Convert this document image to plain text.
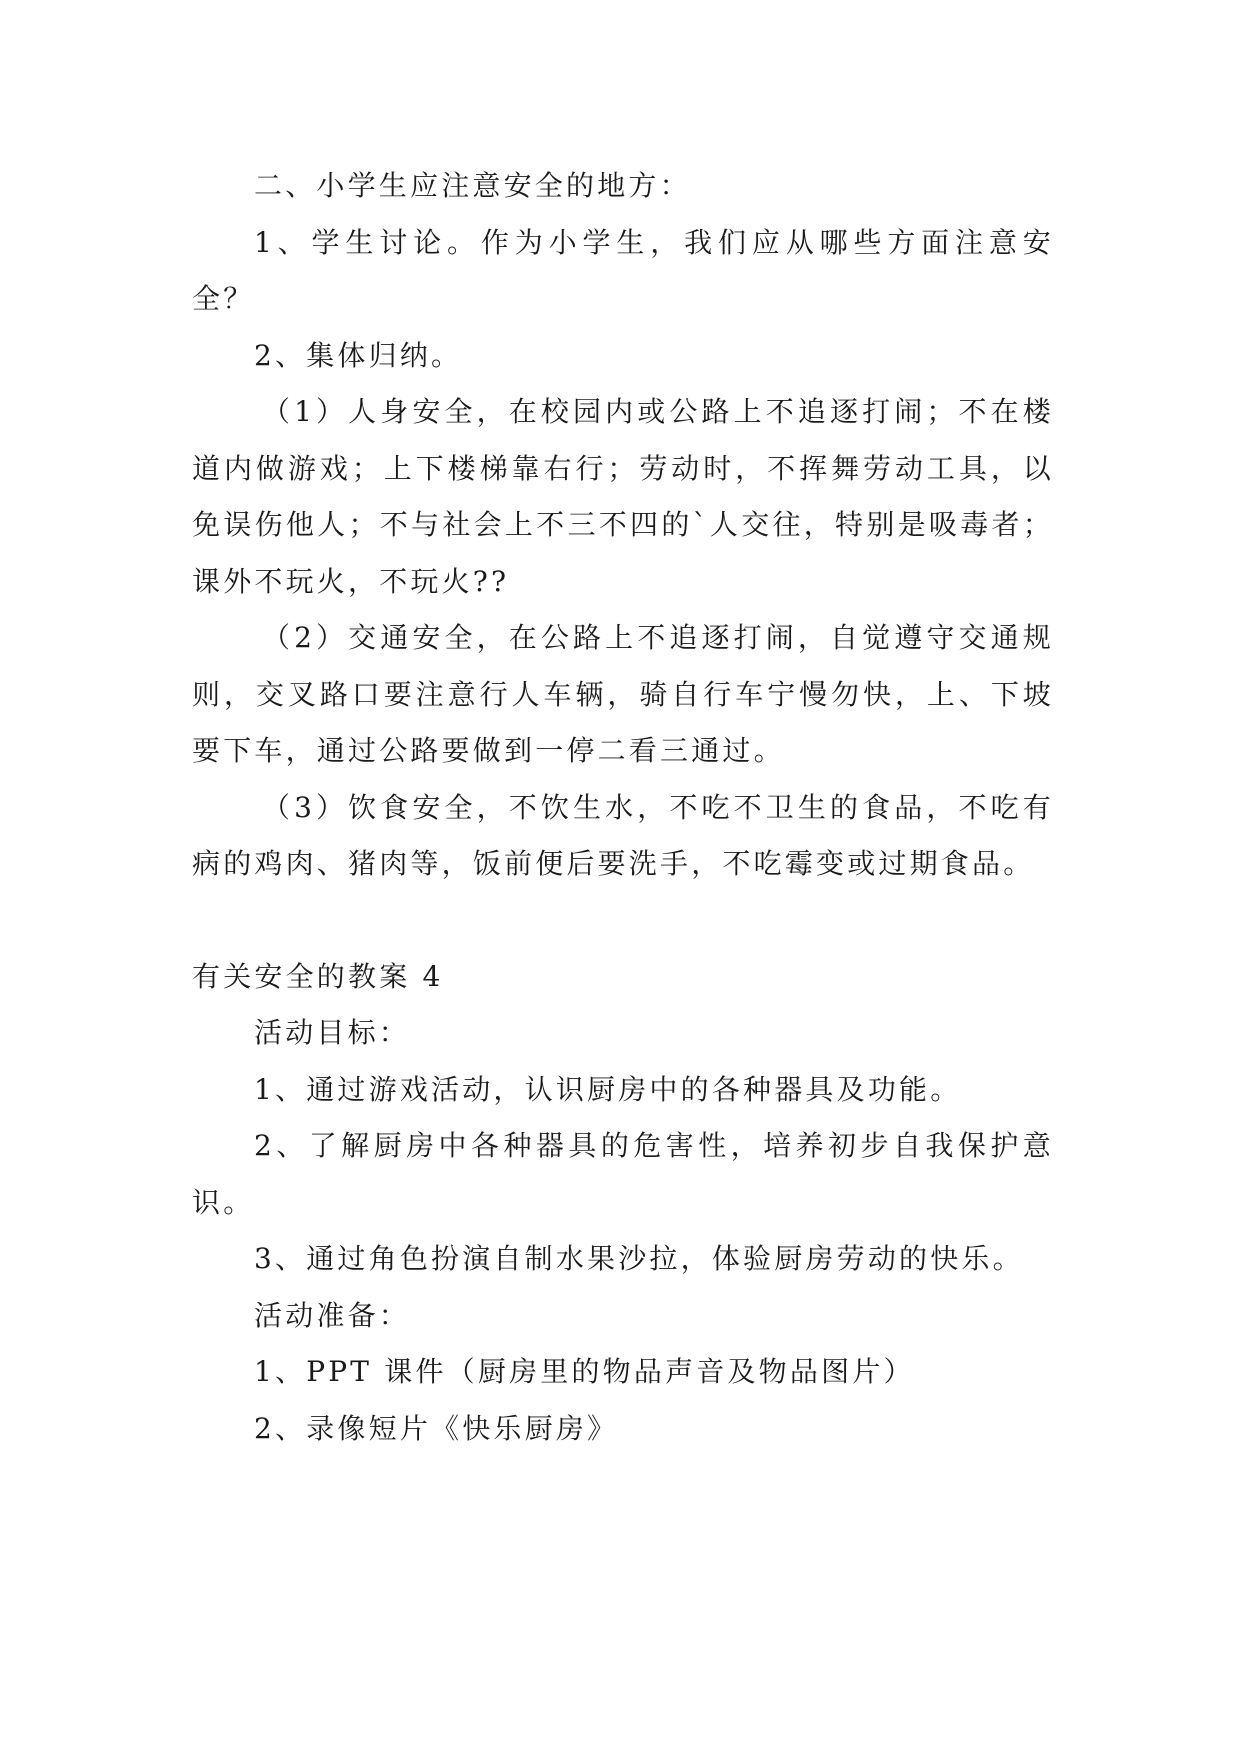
二、小学生应注意安全的地方：

1、学生讨论。作为小学生，我们应从哪些方面注意安全？

2、集体归纳。

（1）人身安全，在校园内或公路上不追逐打闹；不在楼道内做游戏；上下楼梯靠右行；劳动时，不挥舞劳动工具，以免误伤他人；不与社会上不三不四的`人交往，特别是吸毒者；课外不玩火，不玩火??

（2）交通安全，在公路上不追逐打闹，自觉遵守交通规则，交叉路口要注意行人车辆，骑自行车宁慢勿快，上、下坡要下车，通过公路要做到一停二看三通过。

（3）饮食安全，不饮生水，不吃不卫生的食品，不吃有病的鸡肉、猪肉等，饭前便后要洗手，不吃霉变或过期食品。

有关安全的教案 4

活动目标：

1、通过游戏活动，认识厨房中的各种器具及功能。

2、了解厨房中各种器具的危害性，培养初步自我保护意识。

3、通过角色扮演自制水果沙拉，体验厨房劳动的快乐。

活动准备：

1、PPT 课件（厨房里的物品声音及物品图片）

2、录像短片《快乐厨房》
